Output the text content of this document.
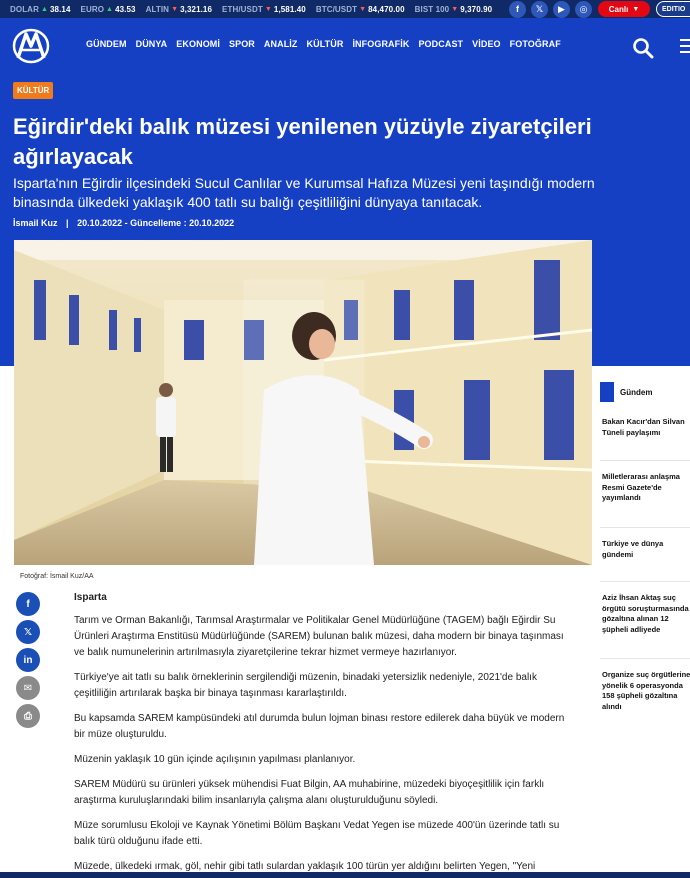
DOLAR ▲ 38.14 EURO ▲ 43.53 ALTIN ▼ 3,321.16 ETH/USDT ▼ 1,581.40 BTC/USDT ▼ 84,470.00 BIST 100 ▼ 9,370.90	f	𝕏	▶	◎	Canlı ▼	EDITIO
GÜNDEM DÜNYA EKONOMİ SPOR ANALİZ KÜLTÜR İNFOGRAFİK PODCAST VİDEO FOTOĞRAF
KÜLTÜR
Eğirdir'deki balık müzesi yenilenen yüzüyle ziyaretçileri ağırlayacak

Isparta'nın Eğirdir ilçesindeki Sucul Canlılar ve Kurumsal Hafıza Müzesi yeni taşındığı modern binasında ülkedeki yaklaşık 400 tatlı su balığı çeşitliliğini dünyaya tanıtacak.

İsmail Kuz | 20.10.2022 - Güncelleme : 20.10.2022
Fotoğraf: İsmail Kuz/AA
f
𝕏
in
✉
⎙
Isparta

Tarım ve Orman Bakanlığı, Tarımsal Araştırmalar ve Politikalar Genel Müdürlüğüne (TAGEM) bağlı Eğirdir Su Ürünleri Araştırma Enstitüsü Müdürlüğünde (SAREM) bulunan balık müzesi, daha modern bir binaya taşınması ve balık numunelerinin artırılmasıyla ziyaretçilerine tekrar hizmet vermeye hazırlanıyor.

Türkiye'ye ait tatlı su balık örneklerinin sergilendiği müzenin, binadaki yetersizlik nedeniyle, 2021'de balık çeşitliliğin artırılarak başka bir binaya taşınması kararlaştırıldı.

Bu kapsamda SAREM kampüsündeki atıl durumda bulun lojman binası restore edilerek daha büyük ve modern bir müze oluşturuldu.

Müzenin yaklaşık 10 gün içinde açılışının yapılması planlanıyor.

SAREM Müdürü su ürünleri yüksek mühendisi Fuat Bilgin, AA muhabirine, müzedeki biyoçeşitlilik için farklı araştırma kuruluşlarındaki bilim insanlarıyla çalışma alanı oluşturulduğunu söyledi.

Müze sorumlusu Ekoloji ve Kaynak Yönetimi Bölüm Başkanı Vedat Yegen ise müzede 400'ün üzerinde tatlı su balık türü olduğunu ifade etti.

Müzede, ülkedeki ırmak, göl, nehir gibi tatlı sulardan yaklaşık 100 türün yer aldığını belirten Yegen, "Yeni

Gündem
Bakan Kacır'dan Silvan
Tüneli paylaşımı
Milletlerarası anlaşma
Resmi Gazete'de
yayımlandı
Türkiye ve dünya
gündemi
Aziz İhsan Aktaş suç
örgütü soruşturmasında
gözaltına alınan 12
şüpheli adliyede
Organize suç örgütlerine
yönelik 6 operasyonda
158 şüpheli gözaltına
alındı
